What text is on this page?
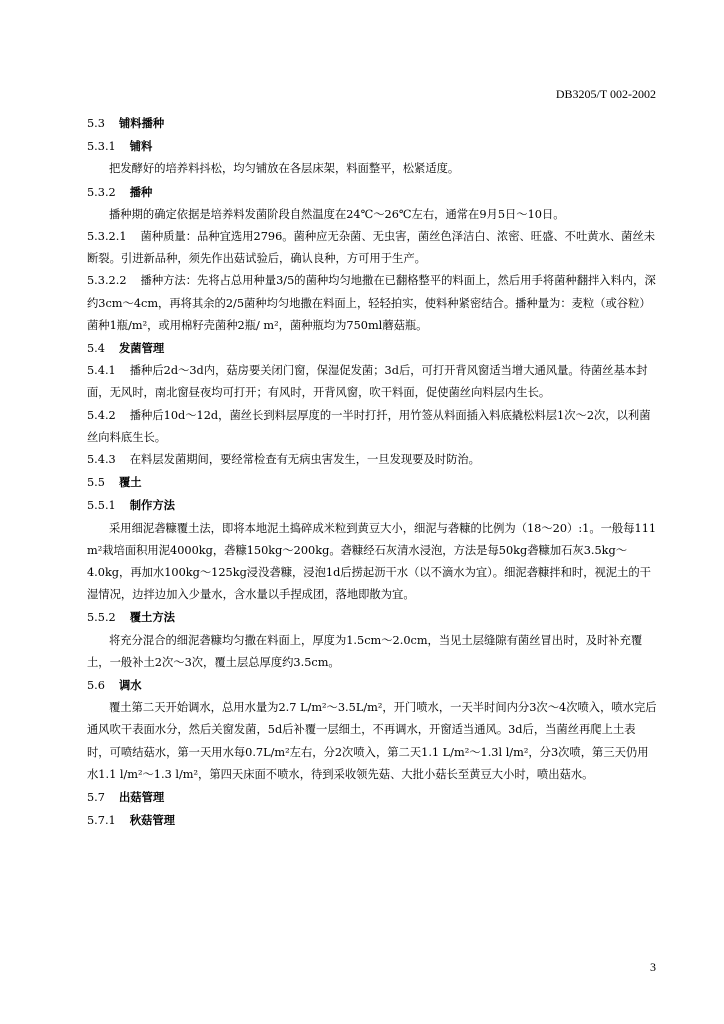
DB3205/T 002-2002

5.3 铺料播种

5.3.1 铺料

把发酵好的培养料抖松，均匀铺放在各层床架，料面整平，松紧适度。

5.3.2 播种

播种期的确定依据是培养料发菌阶段自然温度在24℃～26℃左右，通常在9月5日～10日。

5.3.2.1 菌种质量：品种宜选用2796。菌种应无杂菌、无虫害，菌丝色泽洁白、浓密、旺盛、不吐黄水、菌丝未断裂。引进新品种，须先作出菇试验后，确认良种，方可用于生产。

5.3.2.2 播种方法：先将占总用种量3/5的菌种均匀地撒在已翻格整平的料面上，然后用手将菌种翻拌入料内，深约3cm～4cm，再将其余的2/5菌种均匀地撒在料面上，轻轻拍实，使料种紧密结合。播种量为：麦粒（或谷粒）菌种1瓶/m²，或用棉籽壳菌种2瓶/ m²，菌种瓶均为750ml蘑菇瓶。

5.4 发菌管理

5.4.1 播种后2d～3d内，菇房要关闭门窗，保湿促发菌；3d后，可打开背风窗适当增大通风量。待菌丝基本封面，无风时，南北窗昼夜均可打开；有风时，开背风窗，吹干料面，促使菌丝向料层内生长。

5.4.2 播种后10d～12d，菌丝长到料层厚度的一半时打扦，用竹签从料面插入料底撬松料层1次～2次，以利菌丝向料底生长。

5.4.3 在料层发菌期间，要经常检查有无病虫害发生，一旦发现要及时防治。

5.5 覆土

5.5.1 制作方法

采用细泥砻糠覆土法，即将本地泥土捣碎成米粒到黄豆大小，细泥与砻糠的比例为（18～20）:1。一般每111 m²栽培面积用泥4000kg，砻糠150kg～200kg。砻糠经石灰清水浸泡，方法是每50kg砻糠加石灰3.5kg～4.0kg，再加水100kg～125kg浸没砻糠，浸泡1d后捞起沥干水（以不滴水为宜）。细泥砻糠拌和时，视泥土的干湿情况，边拌边加入少量水，含水量以手捏成团，落地即散为宜。

5.5.2 覆土方法

将充分混合的细泥砻糠均匀撒在料面上，厚度为1.5cm～2.0cm，当见土层缝隙有菌丝冒出时，及时补充覆土，一般补土2次～3次，覆土层总厚度约3.5cm。

5.6 调水

覆土第二天开始调水，总用水量为2.7 L/m²～3.5L/m²，开门喷水，一天半时间内分3次～4次喷入，喷水完后通风吹干表面水分，然后关窗发菌，5d后补覆一层细土，不再调水，开窗适当通风。3d后，当菌丝再爬上土表时，可喷结菇水，第一天用水每0.7L/m²左右，分2次喷入，第二天1.1 L/m²～1.3l l/m²，分3次喷，第三天仍用水1.1 l/m²～1.3 l/m²，第四天床面不喷水，待到采收领先菇、大批小菇长至黄豆大小时，喷出菇水。

5.7 出菇管理

5.7.1 秋菇管理

3
